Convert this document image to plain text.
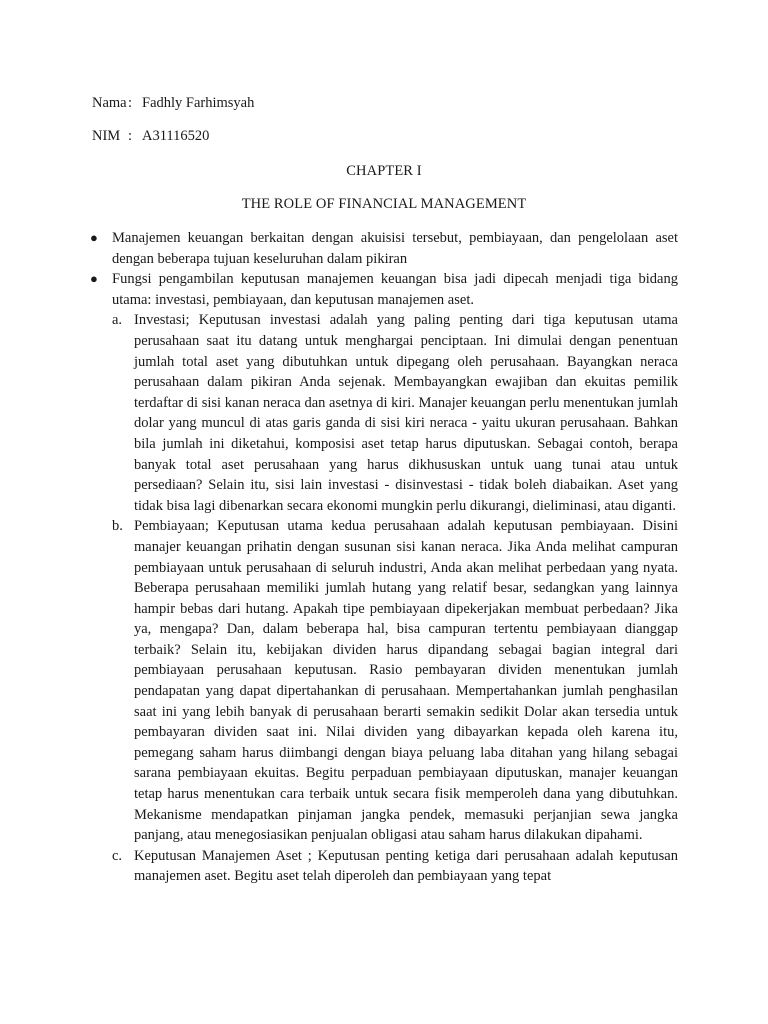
Nama: Fadhly Farhimsyah
NIM : A31116520
CHAPTER I
THE ROLE OF FINANCIAL MANAGEMENT
● Manajemen keuangan berkaitan dengan akuisisi tersebut, pembiayaan, dan pengelolaan aset dengan beberapa tujuan keseluruhan dalam pikiran
● Fungsi pengambilan keputusan manajemen keuangan bisa jadi dipecah menjadi tiga bidang utama: investasi, pembiayaan, dan keputusan manajemen aset.
a. Investasi; Keputusan investasi adalah yang paling penting dari tiga keputusan utama perusahaan saat itu datang untuk menghargai penciptaan. Ini dimulai dengan penentuan jumlah total aset yang dibutuhkan untuk dipegang oleh perusahaan. Bayangkan neraca perusahaan dalam pikiran Anda sejenak. Membayangkan ewajiban dan ekuitas pemilik terdaftar di sisi kanan neraca dan asetnya di kiri. Manajer keuangan perlu menentukan jumlah dolar yang muncul di atas garis ganda di sisi kiri neraca - yaitu ukuran perusahaan. Bahkan bila jumlah ini diketahui, komposisi aset tetap harus diputuskan. Sebagai contoh, berapa banyak total aset perusahaan yang harus dikhususkan untuk uang tunai atau untuk persediaan? Selain itu, sisi lain investasi - disinvestasi - tidak boleh diabaikan. Aset yang tidak bisa lagi dibenarkan secara ekonomi mungkin perlu dikurangi, dieliminasi, atau diganti.
b. Pembiayaan; Keputusan utama kedua perusahaan adalah keputusan pembiayaan. Disini manajer keuangan prihatin dengan susunan sisi kanan neraca. Jika Anda melihat campuran pembiayaan untuk perusahaan di seluruh industri, Anda akan melihat perbedaan yang nyata. Beberapa perusahaan memiliki jumlah hutang yang relatif besar, sedangkan yang lainnya hampir bebas dari hutang. Apakah tipe pembiayaan dipekerjakan membuat perbedaan? Jika ya, mengapa? Dan, dalam beberapa hal, bisa campuran tertentu pembiayaan dianggap terbaik? Selain itu, kebijakan dividen harus dipandang sebagai bagian integral dari pembiayaan perusahaan keputusan. Rasio pembayaran dividen menentukan jumlah pendapatan yang dapat dipertahankan di perusahaan. Mempertahankan jumlah penghasilan saat ini yang lebih banyak di perusahaan berarti semakin sedikit Dolar akan tersedia untuk pembayaran dividen saat ini. Nilai dividen yang dibayarkan kepada oleh karena itu, pemegang saham harus diimbangi dengan biaya peluang laba ditahan yang hilang sebagai sarana pembiayaan ekuitas. Begitu perpaduan pembiayaan diputuskan, manajer keuangan tetap harus menentukan cara terbaik untuk secara fisik memperoleh dana yang dibutuhkan. Mekanisme mendapatkan pinjaman jangka pendek, memasuki perjanjian sewa jangka panjang, atau menegosiasikan penjualan obligasi atau saham harus dilakukan dipahami.
c. Keputusan Manajemen Aset ; Keputusan penting ketiga dari perusahaan adalah keputusan manajemen aset. Begitu aset telah diperoleh dan pembiayaan yang tepat
